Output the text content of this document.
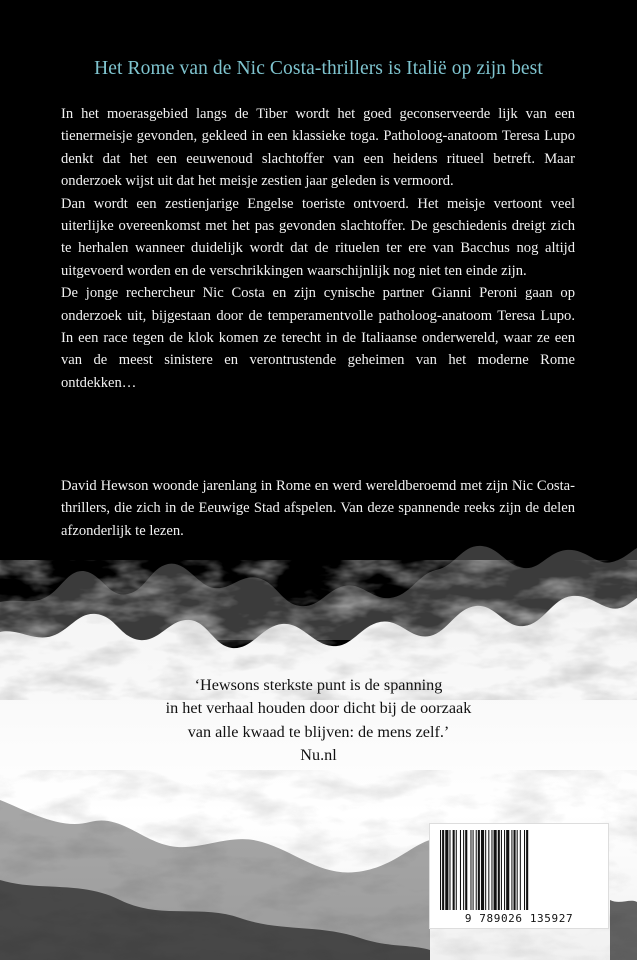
Het Rome van de Nic Costa-thrillers is Italië op zijn best

In het moerasgebied langs de Tiber wordt het goed geconserveerde lijk van een tienermeisje gevonden, gekleed in een klassieke toga. Patholoog-anatoom Teresa Lupo denkt dat het een eeuwenoud slachtoffer van een heidens ritueel betreft. Maar onderzoek wijst uit dat het meisje zestien jaar geleden is vermoord.

Dan wordt een zestienjarige Engelse toeriste ontvoerd. Het meisje vertoont veel uiterlijke overeenkomst met het pas gevonden slachtoffer. De geschiedenis dreigt zich te herhalen wanneer duidelijk wordt dat de rituelen ter ere van Bacchus nog altijd uitgevoerd worden en de verschrikkingen waarschijnlijk nog niet ten einde zijn.

De jonge rechercheur Nic Costa en zijn cynische partner Gianni Peroni gaan op onderzoek uit, bijgestaan door de temperamentvolle patholoog-anatoom Teresa Lupo. In een race tegen de klok komen ze terecht in de Italiaanse onderwereld, waar ze een van de meest sinistere en verontrustende geheimen van het moderne Rome ontdekken…

David Hewson woonde jarenlang in Rome en werd wereldberoemd met zijn Nic Costa-thrillers, die zich in de Eeuwige Stad afspelen. Van deze spannende reeks zijn de delen afzonderlijk te lezen.

‘Hewsons sterkste punt is de spanning
in het verhaal houden door dicht bij de oorzaak
van alle kwaad te blijven: de mens zelf.’
Nu.nl
9 789026 135927
